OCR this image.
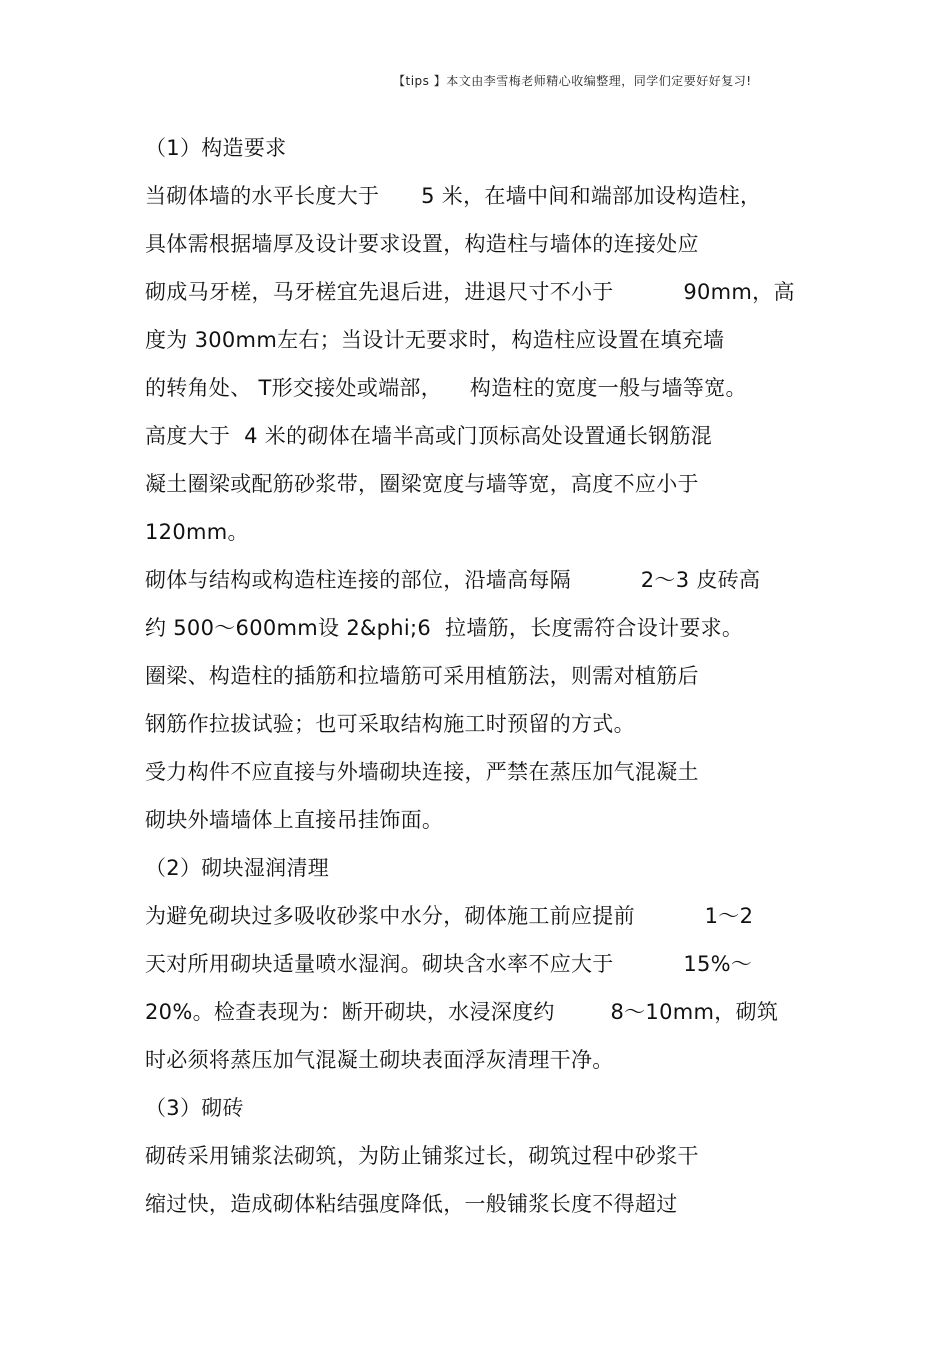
【tips 】本文由李雪梅老师精心收编整理，同学们定要好好复习!
（1）构造要求
当砌体墙的水平长度大于      5 米，在墙中间和端部加设构造柱，
具体需根据墙厚及设计要求设置，构造柱与墙体的连接处应
砌成马牙槎，马牙槎宜先退后进，进退尺寸不小于          90mm，高
度为 300mm左右；当设计无要求时，构造柱应设置在填充墙
的转角处、 T形交接处或端部，    构造柱的宽度一般与墙等宽。
高度大于  4 米的砌体在墙半高或门顶标高处设置通长钢筋混
凝土圈梁或配筋砂浆带，圈梁宽度与墙等宽，高度不应小于
120mm。
砌体与结构或构造柱连接的部位，沿墙高每隔          2～3 皮砖高
约 500～600mm设 2&phi;6  拉墙筋，长度需符合设计要求。
圈梁、构造柱的插筋和拉墙筋可采用植筋法，则需对植筋后
钢筋作拉拔试验；也可采取结构施工时预留的方式。
受力构件不应直接与外墙砌块连接，严禁在蒸压加气混凝土
砌块外墙墙体上直接吊挂饰面。
（2）砌块湿润清理
为避免砌块过多吸收砂浆中水分，砌体施工前应提前          1～2
天对所用砌块适量喷水湿润。砌块含水率不应大于          15%～
20%。检查表现为：断开砌块，水浸深度约        8～10mm，砌筑
时必须将蒸压加气混凝土砌块表面浮灰清理干净。
（3）砌砖
砌砖采用铺浆法砌筑，为防止铺浆过长，砌筑过程中砂浆干
缩过快，造成砌体粘结强度降低，一般铺浆长度不得超过
